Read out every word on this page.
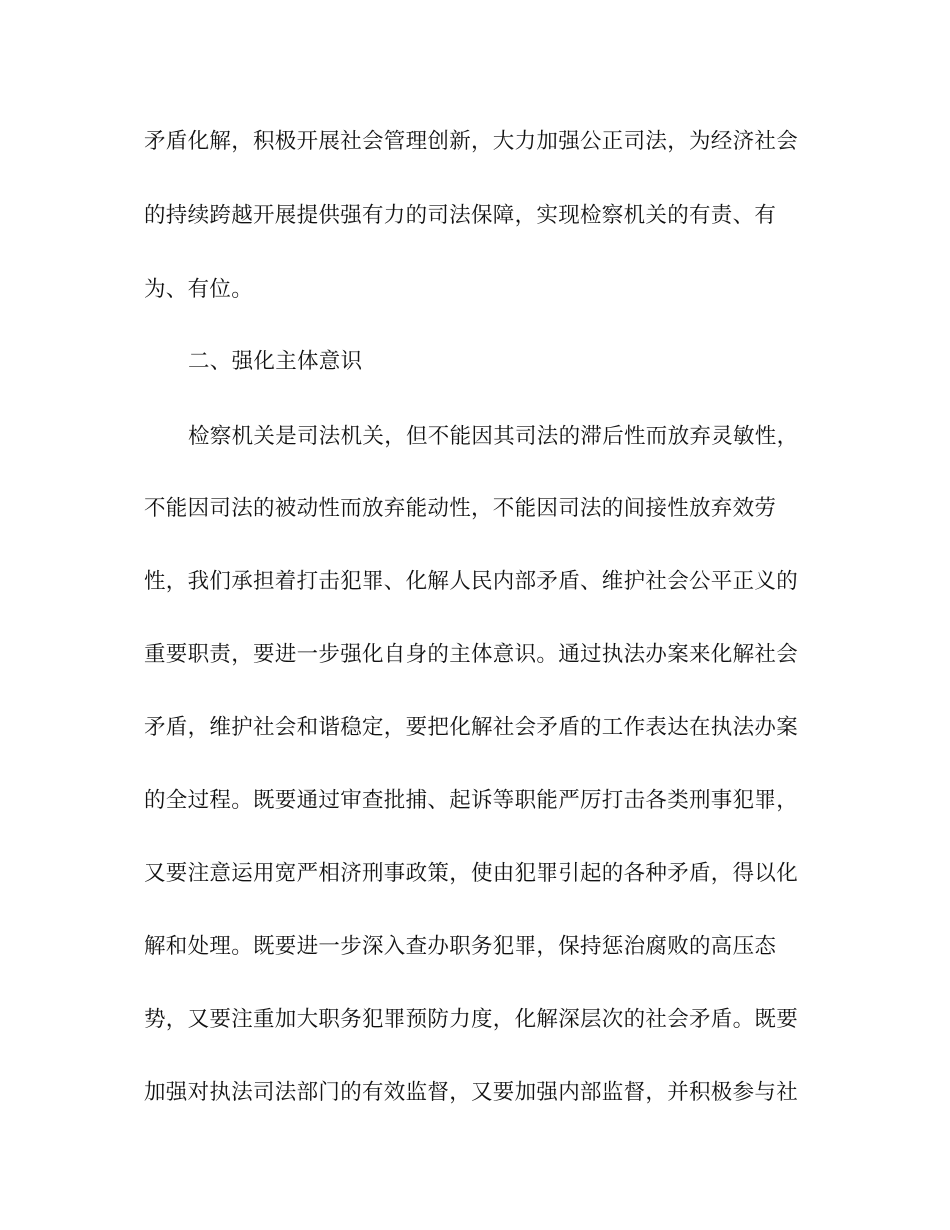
矛盾化解，积极开展社会管理创新，大力加强公正司法，为经济社会
的持续跨越开展提供强有力的司法保障，实现检察机关的有责、有
为、有位。
二、强化主体意识
检察机关是司法机关，但不能因其司法的滞后性而放弃灵敏性，
不能因司法的被动性而放弃能动性，不能因司法的间接性放弃效劳
性，我们承担着打击犯罪、化解人民内部矛盾、维护社会公平正义的
重要职责，要进一步强化自身的主体意识。通过执法办案来化解社会
矛盾，维护社会和谐稳定，要把化解社会矛盾的工作表达在执法办案
的全过程。既要通过审查批捕、起诉等职能严厉打击各类刑事犯罪，
又要注意运用宽严相济刑事政策，使由犯罪引起的各种矛盾，得以化
解和处理。既要进一步深入查办职务犯罪，保持惩治腐败的高压态
势，又要注重加大职务犯罪预防力度，化解深层次的社会矛盾。既要
加强对执法司法部门的有效监督，又要加强内部监督，并积极参与社
